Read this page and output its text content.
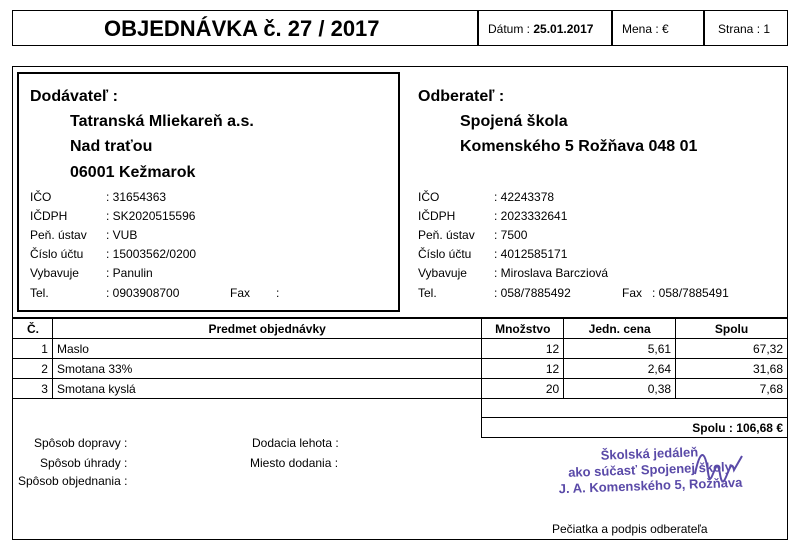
OBJEDNÁVKA č. 27 / 2017	Dátum : 25.01.2017 Mena : €	Strana : 1
Dodávateľ :
Tatranská Mliekareň a.s.
Nad traťou
06001 Kežmarok
IČO	: 31654363
IČDPH	: SK2020515596
Peň. ústav : VUB
Číslo účtu : 15003562/0200
Vybavuje : Panulin
Tel.	: 0903908700	Fax :
Odberateľ :
Spojená škola
Komenského 5 Rožňava 048 01
IČO	: 42243378
IČDPH	: 2023332641
Peň. ústav : 7500
Číslo účtu : 4012585171
Vybavuje : Miroslava Barcziová
Tel.	: 058/7885492	Fax : 058/7885491
Č.	Predmet objednávky	Množstvo	Jedn. cena	Spolu
1	Maslo	12	5,61	67,32
2	Smotana 33%	12	2,64	31,68
3	Smotana kyslá	20	0,38	7,68

		Spolu : 106,68 €		
Spôsob dopravy :
Spôsob úhrady :
Spôsob objednania :
Dodacia lehota :
Miesto dodania :
Školská jedáleň
ako súčasť Spojenej školy
J. A. Komenského 5, Rožňava
Pečiatka a podpis odberateľa
